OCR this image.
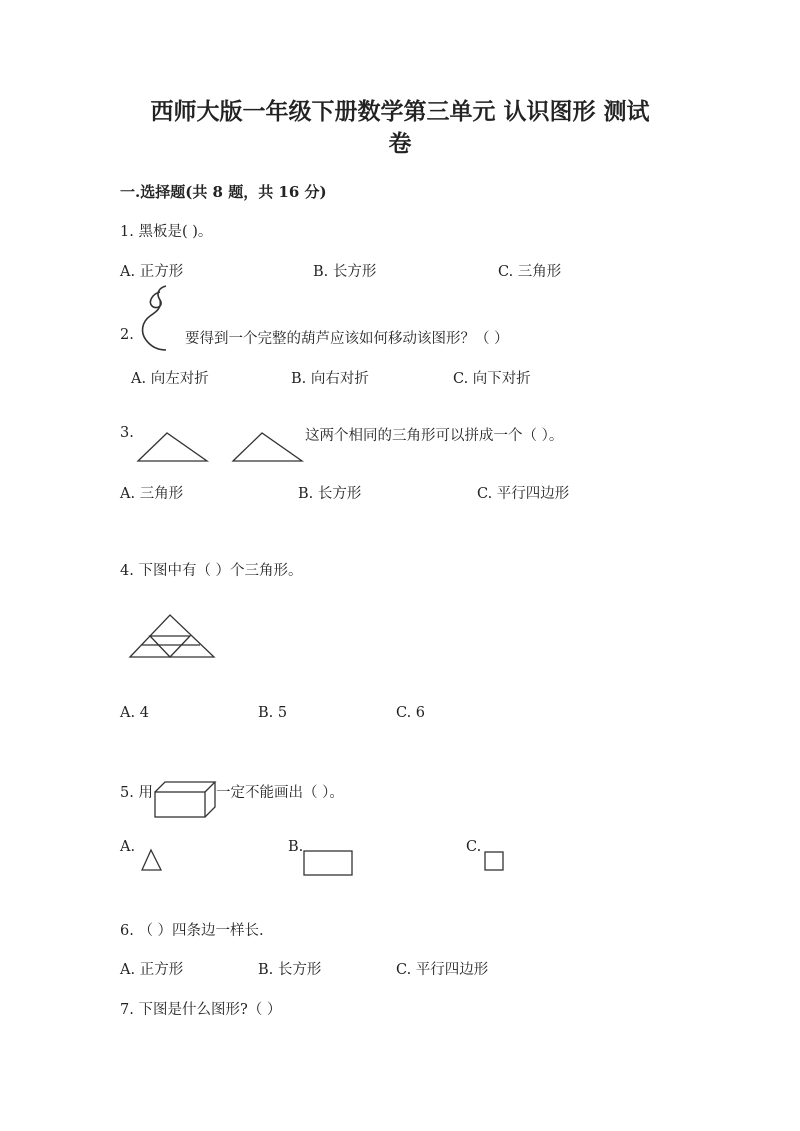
西师大版一年级下册数学第三单元 认识图形 测试
卷
一.选择题(共 8 题，共 16 分)
1. 黑板是( )。
A. 正方形	B. 长方形	C. 三角形
2.	要得到一个完整的葫芦应该如何移动该图形？（ ）
A. 向左对折	B. 向右对折	C. 向下对折
3.	这两个相同的三角形可以拼成一个（ ）。
A. 三角形	B. 长方形	C. 平行四边形
4. 下图中有（ ）个三角形。
A. 4	B. 5	C. 6
5. 用	一定不能画出（ ）。
A.	B.	C.
6. （ ）四条边一样长.
A. 正方形	B. 长方形	C. 平行四边形
7. 下图是什么图形?（ ）
